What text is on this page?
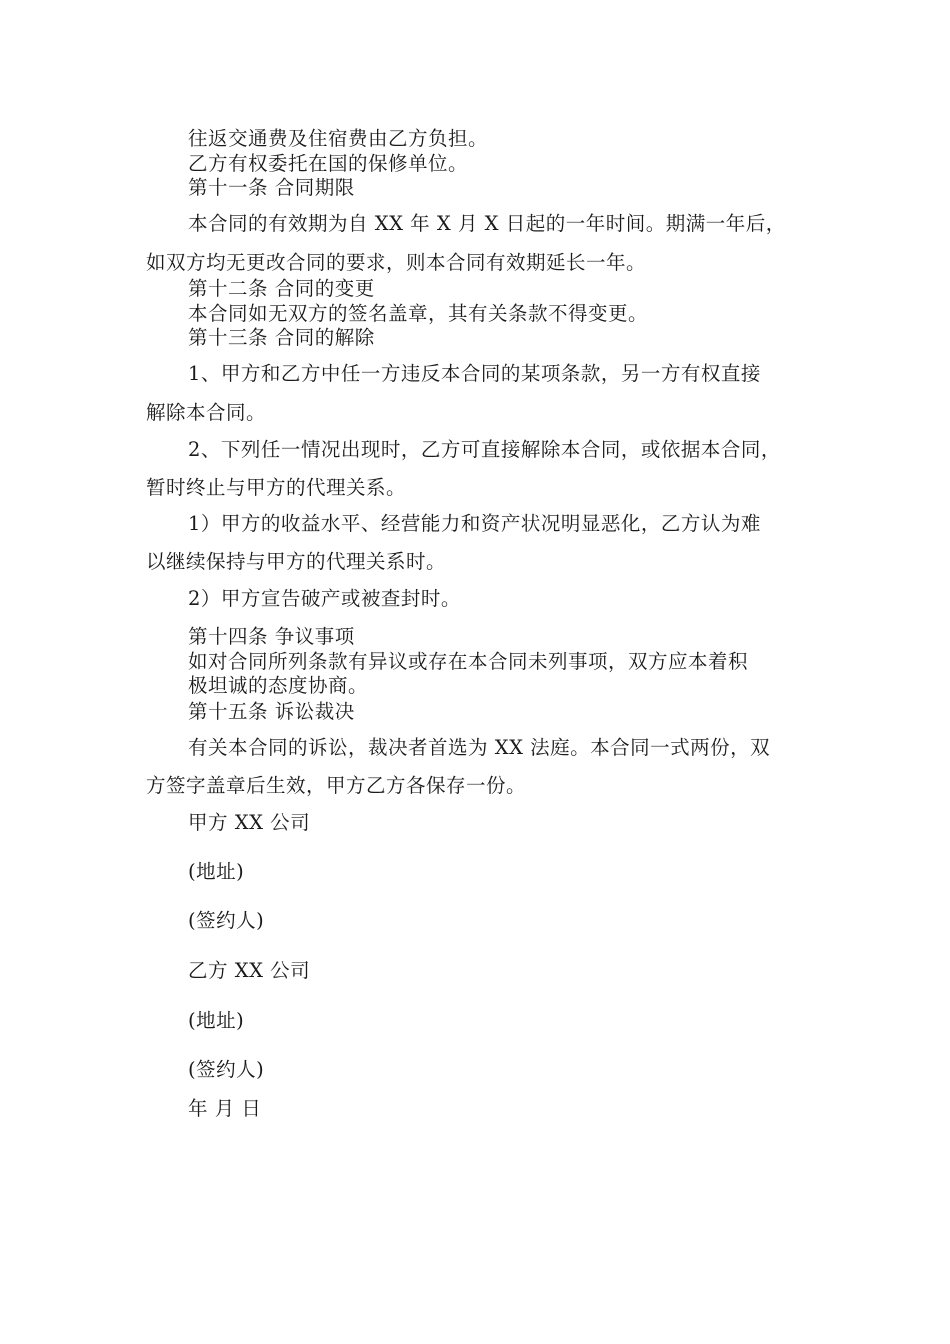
往返交通费及住宿费由乙方负担。
乙方有权委托在国的保修单位。
第十一条 合同期限
本合同的有效期为自 XX 年 X 月 X 日起的一年时间。期满一年后，
如双方均无更改合同的要求，则本合同有效期延长一年。
第十二条 合同的变更
本合同如无双方的签名盖章，其有关条款不得变更。
第十三条 合同的解除
1、甲方和乙方中任一方违反本合同的某项条款，另一方有权直接
解除本合同。
2、下列任一情况出现时，乙方可直接解除本合同，或依据本合同，
暂时终止与甲方的代理关系。
1）甲方的收益水平、经营能力和资产状况明显恶化，乙方认为难
以继续保持与甲方的代理关系时。
2）甲方宣告破产或被查封时。
第十四条 争议事项
如对合同所列条款有异议或存在本合同未列事项，双方应本着积
极坦诚的态度协商。
第十五条 诉讼裁决
有关本合同的诉讼，裁决者首选为 XX 法庭。本合同一式两份，双
方签字盖章后生效，甲方乙方各保存一份。
甲方 XX 公司
(地址)
(签约人)
乙方 XX 公司
(地址)
(签约人)
年 月 日
